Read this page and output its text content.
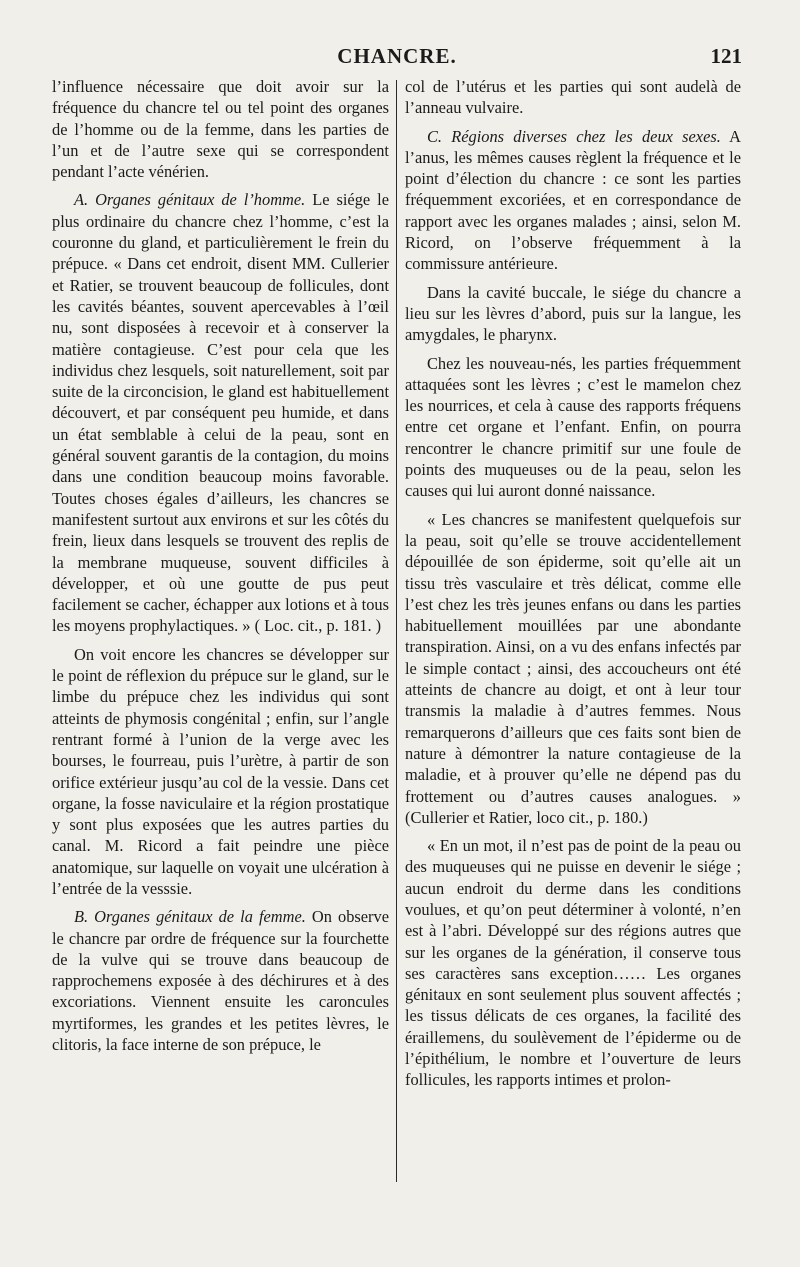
CHANCRE.	121

l’influence nécessaire que doit avoir sur la fréquence du chancre tel ou tel point des organes de l’homme ou de la femme, dans les parties de l’un et de l’autre sexe qui se correspondent pendant l’acte vénérien.

A. Organes génitaux de l’homme. Le siége le plus ordinaire du chancre chez l’homme, c’est la couronne du gland, et particulièrement le frein du prépuce. « Dans cet endroit, disent MM. Cullerier et Ratier, se trouvent beaucoup de follicules, dont les cavités béantes, souvent apercevables à l’œil nu, sont disposées à recevoir et à conserver la matière contagieuse. C’est pour cela que les individus chez lesquels, soit naturellement, soit par suite de la circoncision, le gland est habituellement découvert, et par conséquent peu humide, et dans un état semblable à celui de la peau, sont en général souvent garantis de la contagion, du moins dans une condition beaucoup moins favorable. Toutes choses égales d’ailleurs, les chancres se manifestent surtout aux environs et sur les côtés du frein, lieux dans lesquels se trouvent des replis de la membrane muqueuse, souvent difficiles à développer, et où une goutte de pus peut facilement se cacher, échapper aux lotions et à tous les moyens prophylactiques. » ( Loc. cit., p. 181. )

On voit encore les chancres se développer sur le point de réflexion du prépuce sur le gland, sur le limbe du prépuce chez les individus qui sont atteints de phymosis congénital ; enfin, sur l’angle rentrant formé à l’union de la verge avec les bourses, le fourreau, puis l’urètre, à partir de son orifice extérieur jusqu’au col de la vessie. Dans cet organe, la fosse naviculaire et la région prostatique y sont plus exposées que les autres parties du canal. M. Ricord a fait peindre une pièce anatomique, sur laquelle on voyait une ulcération à l’entrée de la vesssie.

B. Organes génitaux de la femme. On observe le chancre par ordre de fréquence sur la fourchette de la vulve qui se trouve dans beaucoup de rapprochemens exposée à des déchirures et à des excoriations. Viennent ensuite les caroncules myrtiformes, les grandes et les petites lèvres, le clitoris, la face interne de son prépuce, le

col de l’utérus et les parties qui sont audelà de l’anneau vulvaire.

C. Régions diverses chez les deux sexes. A l’anus, les mêmes causes règlent la fréquence et le point d’élection du chancre : ce sont les parties fréquemment excoriées, et en correspondance de rapport avec les organes malades ; ainsi, selon M. Ricord, on l’observe fréquemment à la commissure antérieure.

Dans la cavité buccale, le siége du chancre a lieu sur les lèvres d’abord, puis sur la langue, les amygdales, le pharynx.

Chez les nouveau-nés, les parties fréquemment attaquées sont les lèvres ; c’est le mamelon chez les nourrices, et cela à cause des rapports fréquens entre cet organe et l’enfant. Enfin, on pourra rencontrer le chancre primitif sur une foule de points des muqueuses ou de la peau, selon les causes qui lui auront donné naissance.

« Les chancres se manifestent quelquefois sur la peau, soit qu’elle se trouve accidentellement dépouillée de son épiderme, soit qu’elle ait un tissu très vasculaire et très délicat, comme elle l’est chez les très jeunes enfans ou dans les parties habituellement mouillées par une abondante transpiration. Ainsi, on a vu des enfans infectés par le simple contact ; ainsi, des accoucheurs ont été atteints de chancre au doigt, et ont à leur tour transmis la maladie à d’autres femmes. Nous remarquerons d’ailleurs que ces faits sont bien de nature à démontrer la nature contagieuse de la maladie, et à prouver qu’elle ne dépend pas du frottement ou d’autres causes analogues. » (Cullerier et Ratier, loco cit., p. 180.)

« En un mot, il n’est pas de point de la peau ou des muqueuses qui ne puisse en devenir le siége ; aucun endroit du derme dans les conditions voulues, et qu’on peut déterminer à volonté, n’en est à l’abri. Développé sur des régions autres que sur les organes de la génération, il conserve tous ses caractères sans exception…… Les organes génitaux en sont seulement plus souvent affectés ; les tissus délicats de ces organes, la facilité des éraillemens, du soulèvement de l’épiderme ou de l’épithélium, le nombre et l’ouverture de leurs follicules, les rapports intimes et prolon-
